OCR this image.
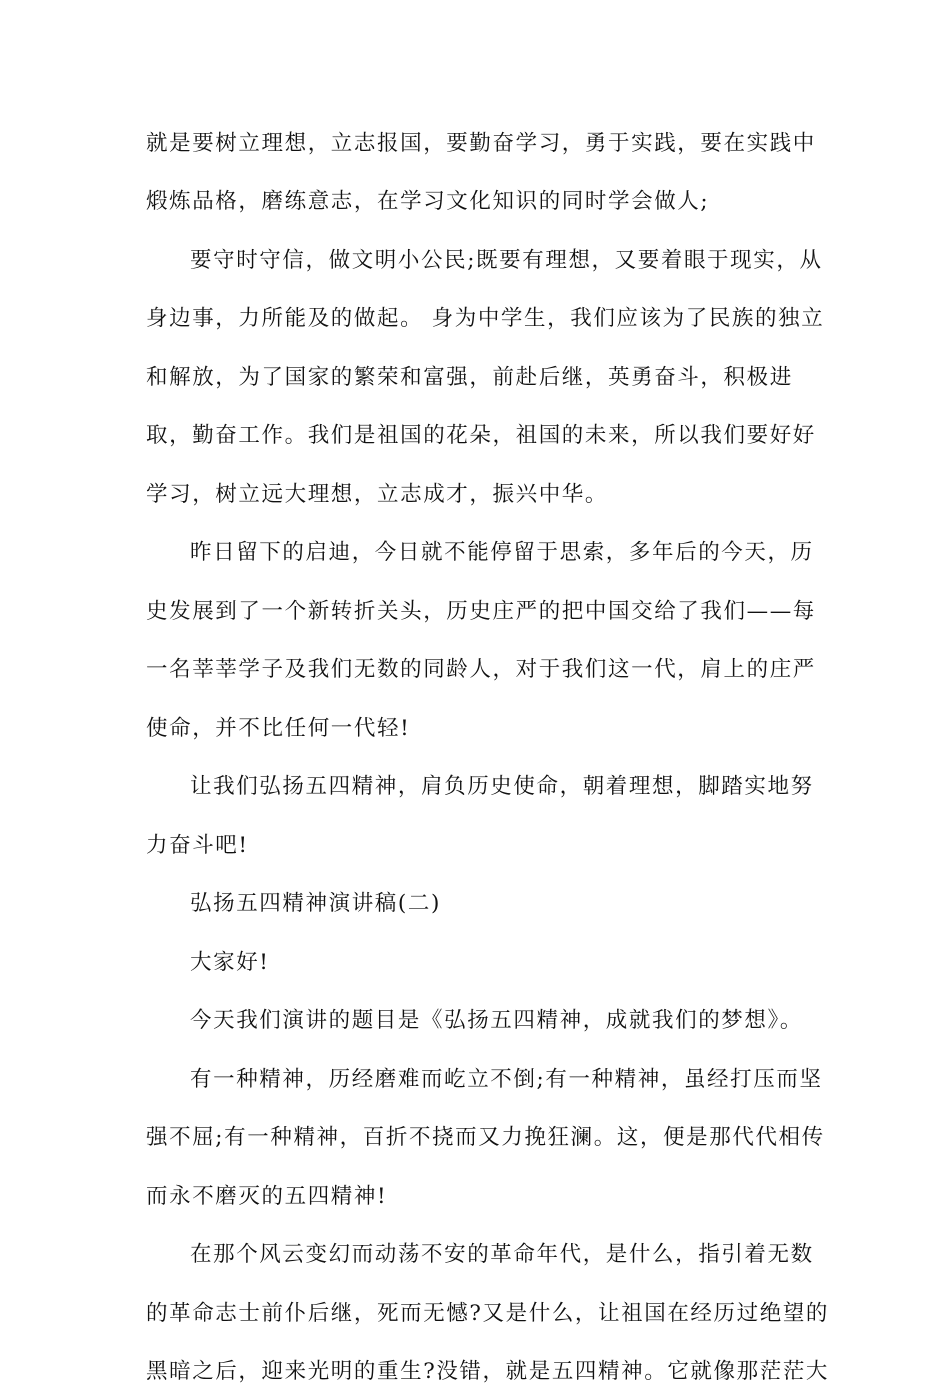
就是要树立理想，立志报国，要勤奋学习，勇于实践，要在实践中
煅炼品格，磨练意志，在学习文化知识的同时学会做人;
要守时守信，做文明小公民;既要有理想，又要着眼于现实，从
身边事，力所能及的做起。 身为中学生，我们应该为了民族的独立
和解放，为了国家的繁荣和富强，前赴后继，英勇奋斗，积极进
取，勤奋工作。我们是祖国的花朵，祖国的未来，所以我们要好好
学习，树立远大理想，立志成才，振兴中华。
昨日留下的启迪，今日就不能停留于思索，多年后的今天，历
史发展到了一个新转折关头，历史庄严的把中国交给了我们——每
一名莘莘学子及我们无数的同龄人，对于我们这一代，肩上的庄严
使命，并不比任何一代轻!
让我们弘扬五四精神，肩负历史使命，朝着理想，脚踏实地努
力奋斗吧!
弘扬五四精神演讲稿(二)
大家好!
今天我们演讲的题目是《弘扬五四精神，成就我们的梦想》。
有一种精神，历经磨难而屹立不倒;有一种精神，虽经打压而坚
强不屈;有一种精神，百折不挠而又力挽狂澜。这，便是那代代相传
而永不磨灭的五四精神!
在那个风云变幻而动荡不安的革命年代，是什么，指引着无数
的革命志士前仆后继，死而无憾?又是什么，让祖国在经历过绝望的
黑暗之后，迎来光明的重生?没错，就是五四精神。它就像那茫茫大
